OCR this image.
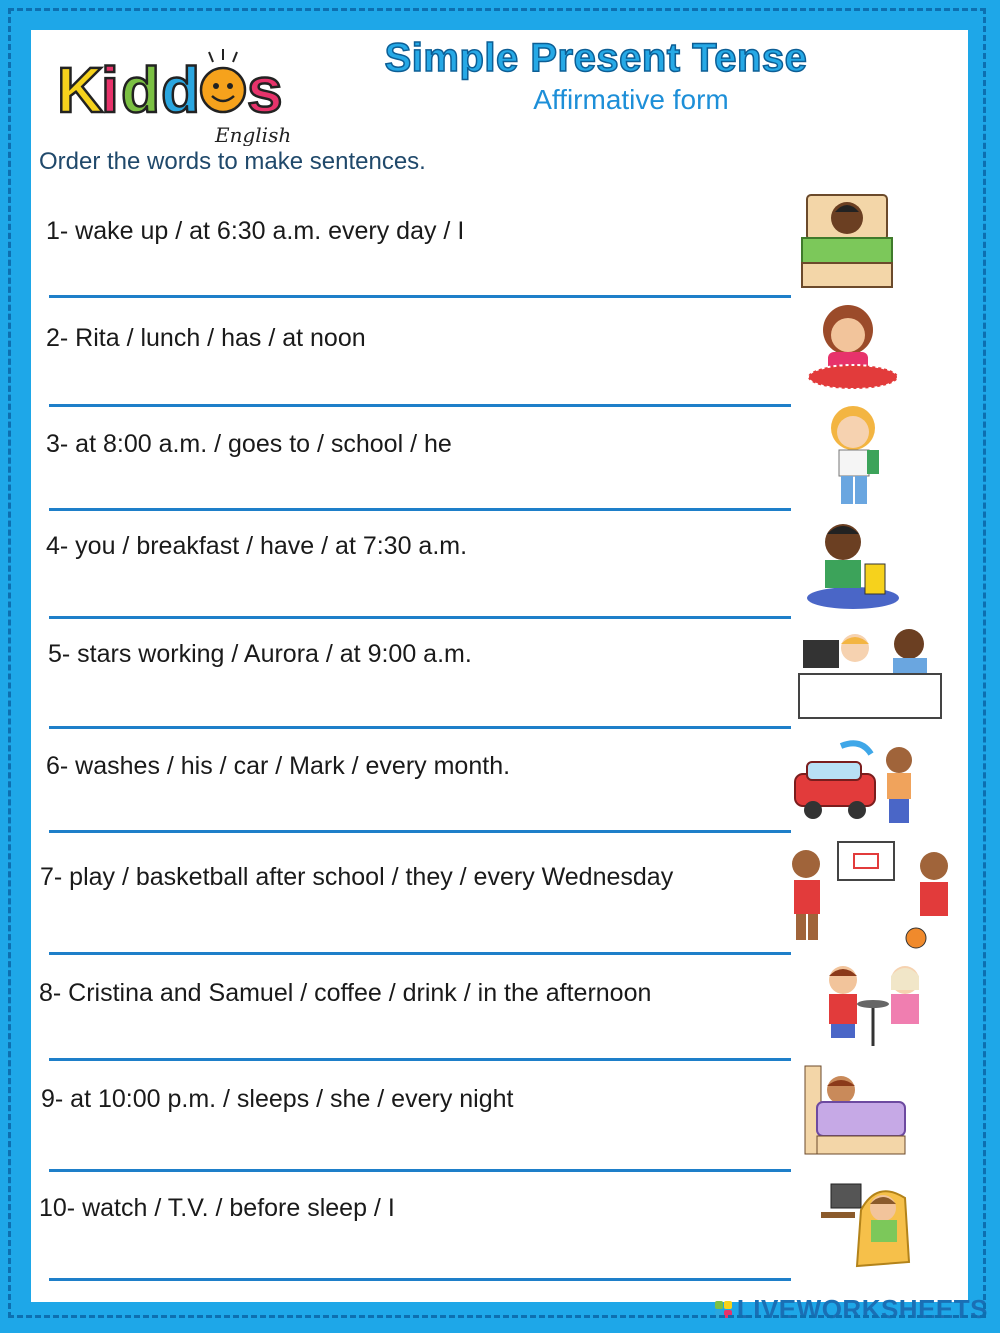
K
i d d s
English
Simple Present Tense
Affirmative form
Order the words to make sentences.
1- wake up / at 6:30 a.m. every day / I
2- Rita / lunch / has / at noon
3- at 8:00 a.m. / goes to / school / he
4- you / breakfast / have / at 7:30 a.m.
5- stars working / Aurora / at 9:00 a.m.
6- washes / his / car / Mark / every month.
7- play / basketball after school / they / every Wednesday
8- Cristina and Samuel / coffee / drink / in the afternoon
9- at 10:00 p.m. / sleeps / she / every night
10- watch / T.V. / before sleep / I
LIVEWORKSHEETS
